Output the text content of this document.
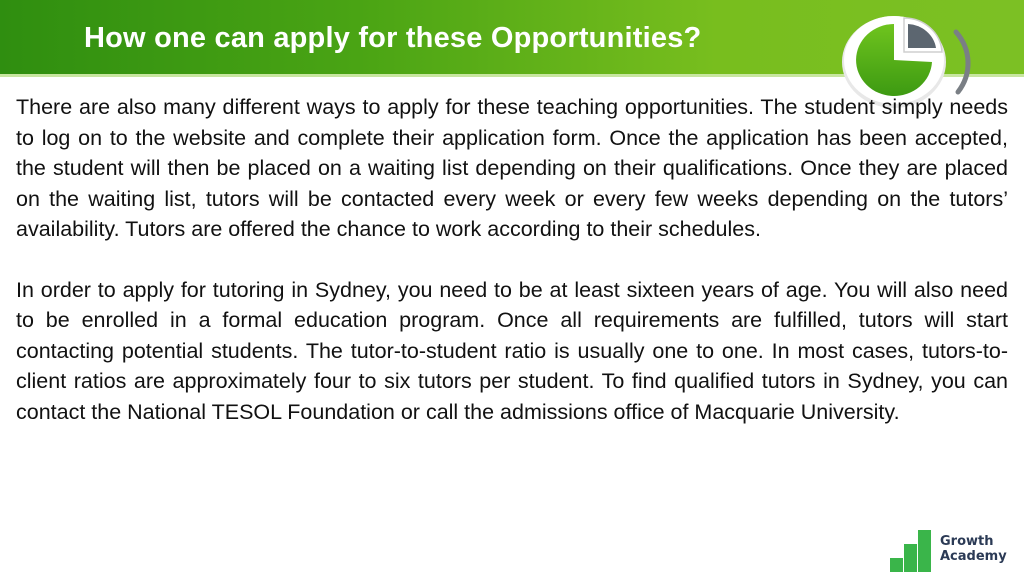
How one can apply for these Opportunities?

There are also many different ways to apply for these teaching opportunities. The student simply needs to log on to the website and complete their application form. Once the application has been accepted, the student will then be placed on a waiting list depending on their qualifications. Once they are placed on the waiting list, tutors will be contacted every week or every few weeks depending on the tutors’ availability. Tutors are offered the chance to work according to their schedules.

In order to apply for tutoring in Sydney, you need to be at least sixteen years of age. You will also need to be enrolled in a formal education program. Once all requirements are fulfilled, tutors will start contacting potential students. The tutor-to-student ratio is usually one to one. In most cases, tutors-to-client ratios are approximately four to six tutors per student. To find qualified tutors in Sydney, you can contact the National TESOL Foundation or call the admissions office of Macquarie University.

Growth
Academy
